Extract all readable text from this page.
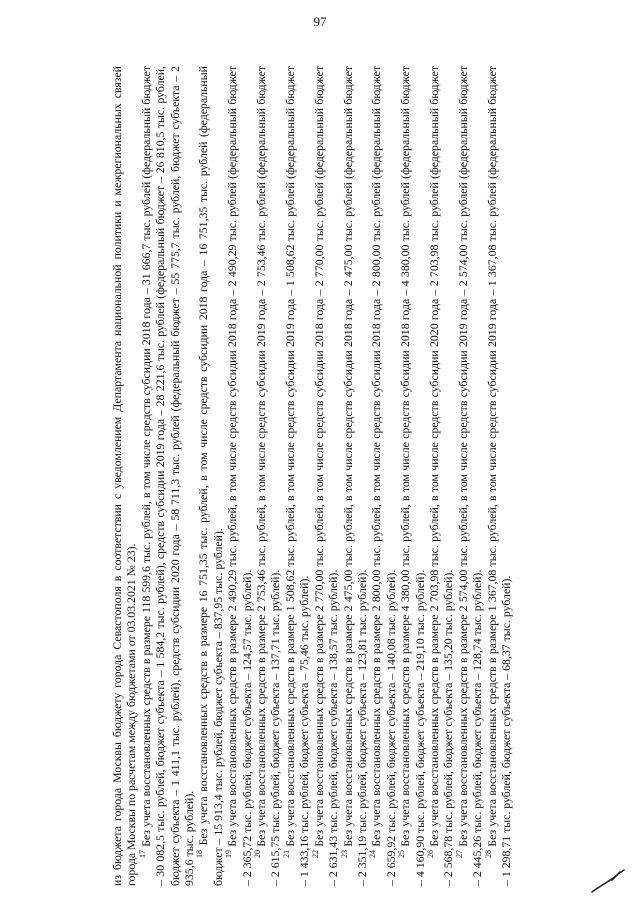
97

из бюджета города Москвы бюджету города Севастополя в соответствии с уведомлением Департамента национальной политики и межрегиональных связей города Москвы по расчетам между бюджетами от 03.03.2021 № 23). $^{17}$ Без учета восстановленных средств в размере 118 599,6 тыс. рублей, в том числе средств субсидии 2018 года – 31 666,7 тыс. рублей (федеральный бюджет – 30 082,5 тыс. рублей, бюджет субъекта – 1 584,2 тыс. рублей), средств субсидии 2019 года – 28 221,6 тыс. рублей (федеральный бюджет – 26 810,5 тыс. рублей, бюджет субъекта – 1 411,1 тыс. рублей), средств субсидии 2020 года – 58 711,3 тыс. рублей (федеральный бюджет – 55 775,7 тыс. рублей, бюджет субъекта – 2 935,6 тыс. рублей). $^{18}$ Без учета восстановленных средств в размере 16 751,35 тыс. рублей, в том числе средств субсидии 2018 года – 16 751,35 тыс. рублей (федеральный бюджет – 15 913,4 тыс. рублей, бюджет субъекта – 837,95 тыс. рублей). $^{19}$ Без учета восстановленных средств в размере 2 490,29 тыс. рублей, в том числе средств субсидии 2018 года – 2 490,29 тыс. рублей (федеральный бюджет – 2 365,72 тыс. рублей, бюджет субъекта – 124,57 тыс. рублей). $^{20}$ Без учета восстановленных средств в размере 2 753,46 тыс. рублей, в том числе средств субсидии 2019 года – 2 753,46 тыс. рублей (федеральный бюджет – 2 615,75 тыс. рублей, бюджет субъекта – 137,71 тыс. рублей). $^{21}$ Без учета восстановленных средств в размере 1 508,62 тыс. рублей, в том числе средств субсидии 2019 года – 1 508,62 тыс. рублей (федеральный бюджет – 1 433,16 тыс. рублей, бюджет субъекта – 75,46 тыс. рублей). $^{22}$ Без учета восстановленных средств в размере 2 770,00 тыс. рублей, в том числе средств субсидии 2018 года – 2 770,00 тыс. рублей (федеральный бюджет – 2 631,43 тыс. рублей, бюджет субъекта – 138,57 тыс. рублей). $^{23}$ Без учета восстановленных средств в размере 2 475,00 тыс. рублей, в том числе средств субсидии 2018 года – 2 475,00 тыс. рублей (федеральный бюджет – 2 351,19 тыс. рублей, бюджет субъекта – 123,81 тыс. рублей). $^{24}$ Без учета восстановленных средств в размере 2 800,00 тыс. рублей, в том числе средств субсидии 2018 года – 2 800,00 тыс. рублей (федеральный бюджет – 2 659,92 тыс. рублей, бюджет субъекта – 140,08 тыс. рублей). $^{25}$ Без учета восстановленных средств в размере 4 380,00 тыс. рублей, в том числе средств субсидии 2018 года – 4 380,00 тыс. рублей (федеральный бюджет – 4 160,90 тыс. рублей, бюджет субъекта – 219,10 тыс. рублей). $^{26}$ Без учета восстановленных средств в размере 2 703,98 тыс. рублей, в том числе средств субсидии 2020 года – 2 703,98 тыс. рублей (федеральный бюджет – 2 568,78 тыс. рублей, бюджет субъекта – 135,20 тыс. рублей). $^{27}$ Без учета восстановленных средств в размере 2 574,00 тыс. рублей, в том числе средств субсидии 2019 года – 2 574,00 тыс. рублей (федеральный бюджет – 2 445,26 тыс. рублей, бюджет субъекта – 128,74 тыс. рублей). $^{28}$ Без учета восстановленных средств в размере 1 367,08 тыс. рублей, в том числе средств субсидии 2019 года – 1 367,08 тыс. рублей (федеральный бюджет – 1 298,71 тыс. рублей, бюджет субъекта – 68,37 тыс. рублей).
